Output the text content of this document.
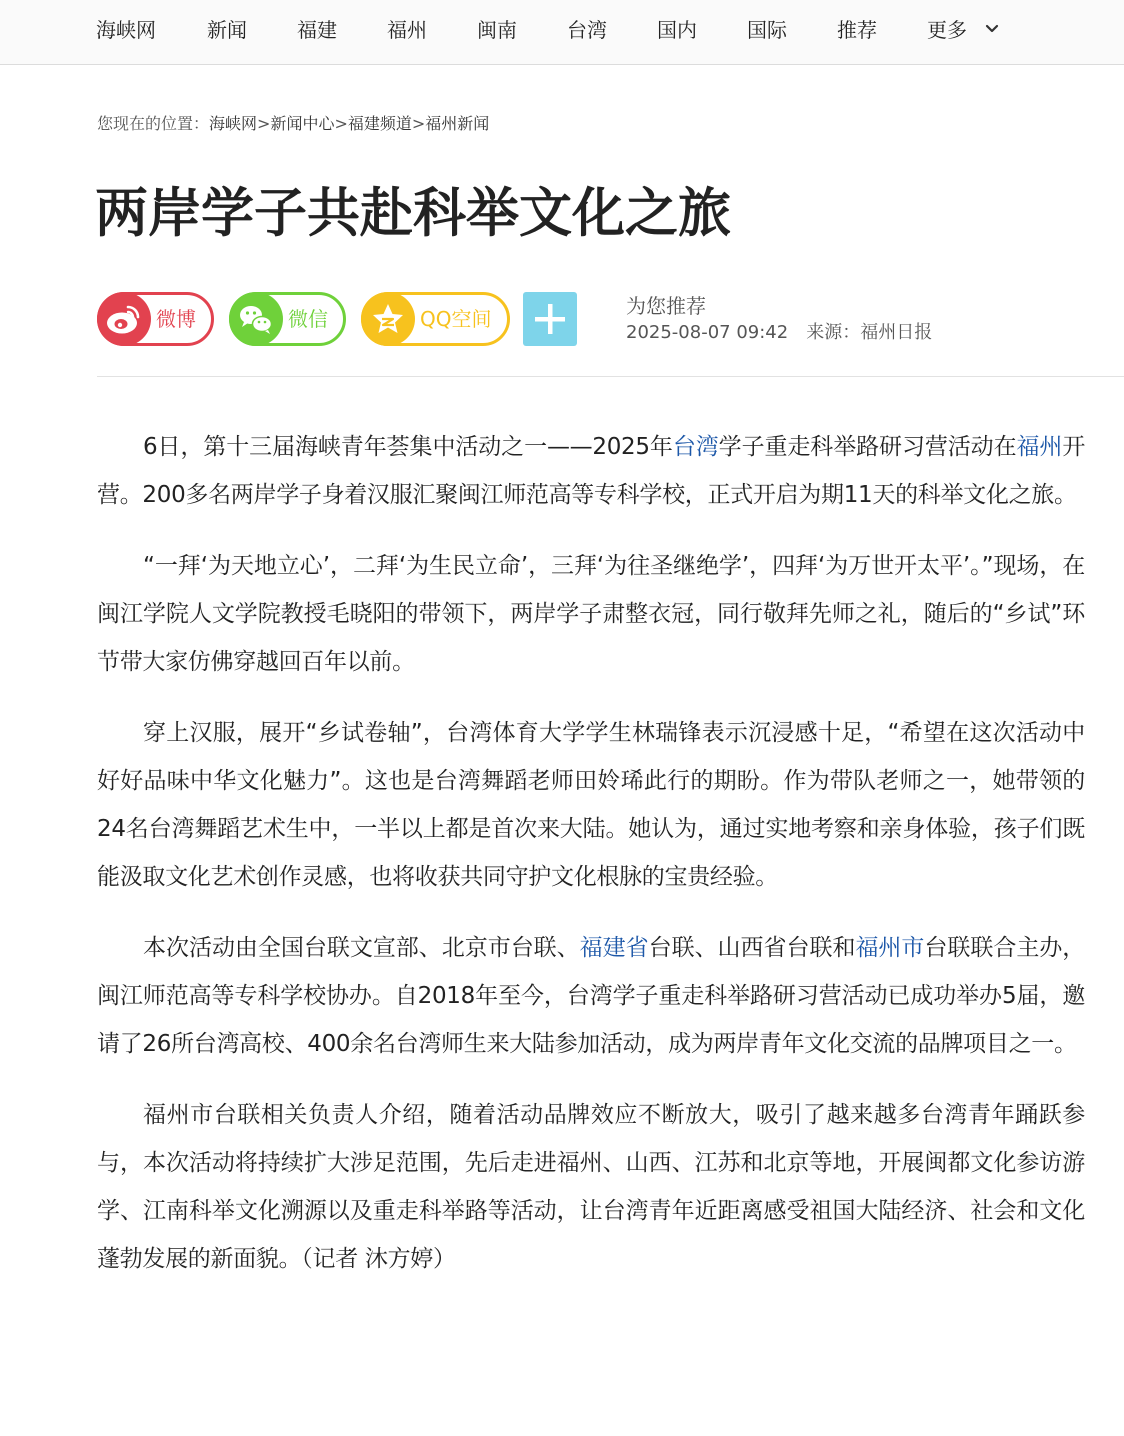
海峡网	新闻	福建	福州	闽南	台湾	国内	国际	推荐	更多
您现在的位置：海峡网>新闻中心>福建频道>福州新闻
两岸学子共赴科举文化之旅
微博	微信	QQ空间
为您推荐
2025-08-07 09:42 来源：福州日报

6日，第十三届海峡青年荟集中活动之一——2025年台湾学子重走科举路研习营活动在福州开营。200多名两岸学子身着汉服汇聚闽江师范高等专科学校，正式开启为期11天的科举文化之旅。

“一拜‘为天地立心’，二拜‘为生民立命’，三拜‘为往圣继绝学’，四拜‘为万世开太平’。”现场，在闽江学院人文学院教授毛晓阳的带领下，两岸学子肃整衣冠，同行敬拜先师之礼，随后的“乡试”环节带大家仿佛穿越回百年以前。

穿上汉服，展开“乡试卷轴”，台湾体育大学学生林瑞锋表示沉浸感十足，“希望在这次活动中好好品味中华文化魅力”。这也是台湾舞蹈老师田姈琋此行的期盼。作为带队老师之一，她带领的24名台湾舞蹈艺术生中，一半以上都是首次来大陆。她认为，通过实地考察和亲身体验，孩子们既能汲取文化艺术创作灵感，也将收获共同守护文化根脉的宝贵经验。

本次活动由全国台联文宣部、北京市台联、福建省台联、山西省台联和福州市台联联合主办，闽江师范高等专科学校协办。自2018年至今，台湾学子重走科举路研习营活动已成功举办5届，邀请了26所台湾高校、400余名台湾师生来大陆参加活动，成为两岸青年文化交流的品牌项目之一。

福州市台联相关负责人介绍，随着活动品牌效应不断放大，吸引了越来越多台湾青年踊跃参与，本次活动将持续扩大涉足范围，先后走进福州、山西、江苏和北京等地，开展闽都文化参访游学、江南科举文化溯源以及重走科举路等活动，让台湾青年近距离感受祖国大陆经济、社会和文化蓬勃发展的新面貌。（记者 沐方婷）
